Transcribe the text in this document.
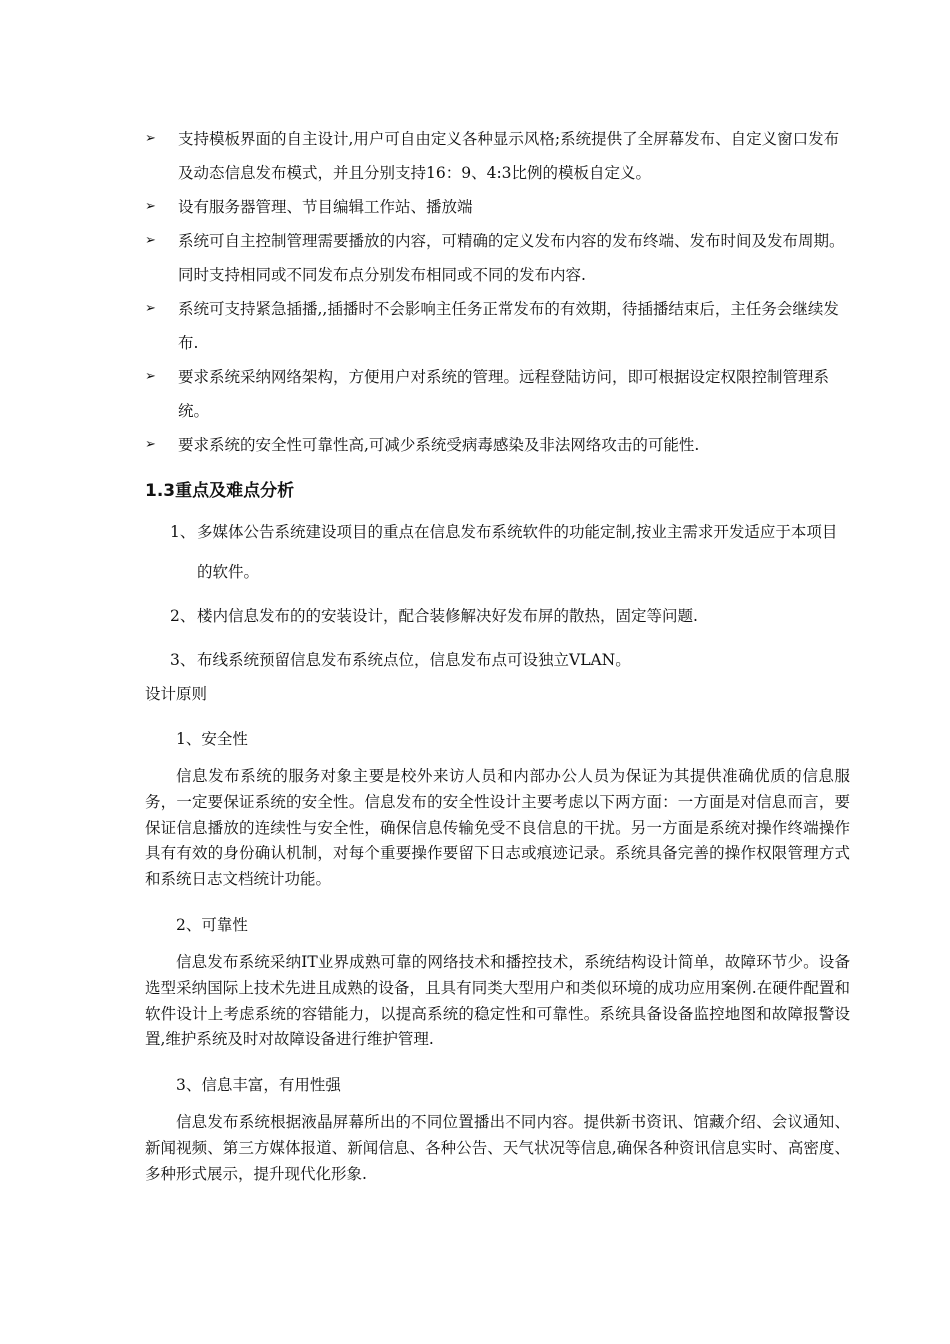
➢ 支持模板界面的自主设计,用户可自由定义各种显示风格;系统提供了全屏幕发布、自定义窗口发布及动态信息发布模式，并且分别支持16：9、4:3比例的模板自定义。
➢ 设有服务器管理、节目编辑工作站、播放端
➢ 系统可自主控制管理需要播放的内容，可精确的定义发布内容的发布终端、发布时间及发布周期。同时支持相同或不同发布点分别发布相同或不同的发布内容.
➢ 系统可支持紧急插播,,插播时不会影响主任务正常发布的有效期，待插播结束后，主任务会继续发布.
➢ 要求系统采纳网络架构，方便用户对系统的管理。远程登陆访问，即可根据设定权限控制管理系统。
➢ 要求系统的安全性可靠性高,可减少系统受病毒感染及非法网络攻击的可能性.
1.3重点及难点分析
1、 多媒体公告系统建设项目的重点在信息发布系统软件的功能定制,按业主需求开发适应于本项目的软件。
2、 楼内信息发布的的安装设计，配合装修解决好发布屏的散热，固定等问题.
3、 布线系统预留信息发布系统点位，信息发布点可设独立VLAN。
设计原则
1、安全性
信息发布系统的服务对象主要是校外来访人员和内部办公人员为保证为其提供准确优质的信息服务，一定要保证系统的安全性。信息发布的安全性设计主要考虑以下两方面：一方面是对信息而言，要保证信息播放的连续性与安全性，确保信息传输免受不良信息的干扰。另一方面是系统对操作终端操作具有有效的身份确认机制，对每个重要操作要留下日志或痕迹记录。系统具备完善的操作权限管理方式和系统日志文档统计功能。
2、可靠性
信息发布系统采纳IT业界成熟可靠的网络技术和播控技术，系统结构设计简单，故障环节少。设备选型采纳国际上技术先进且成熟的设备，且具有同类大型用户和类似环境的成功应用案例.在硬件配置和软件设计上考虑系统的容错能力，以提高系统的稳定性和可靠性。系统具备设备监控地图和故障报警设置,维护系统及时对故障设备进行维护管理.
3、信息丰富，有用性强
信息发布系统根据液晶屏幕所出的不同位置播出不同内容。提供新书资讯、馆藏介绍、会议通知、新闻视频、第三方媒体报道、新闻信息、各种公告、天气状况等信息,确保各种资讯信息实时、高密度、多种形式展示，提升现代化形象.
